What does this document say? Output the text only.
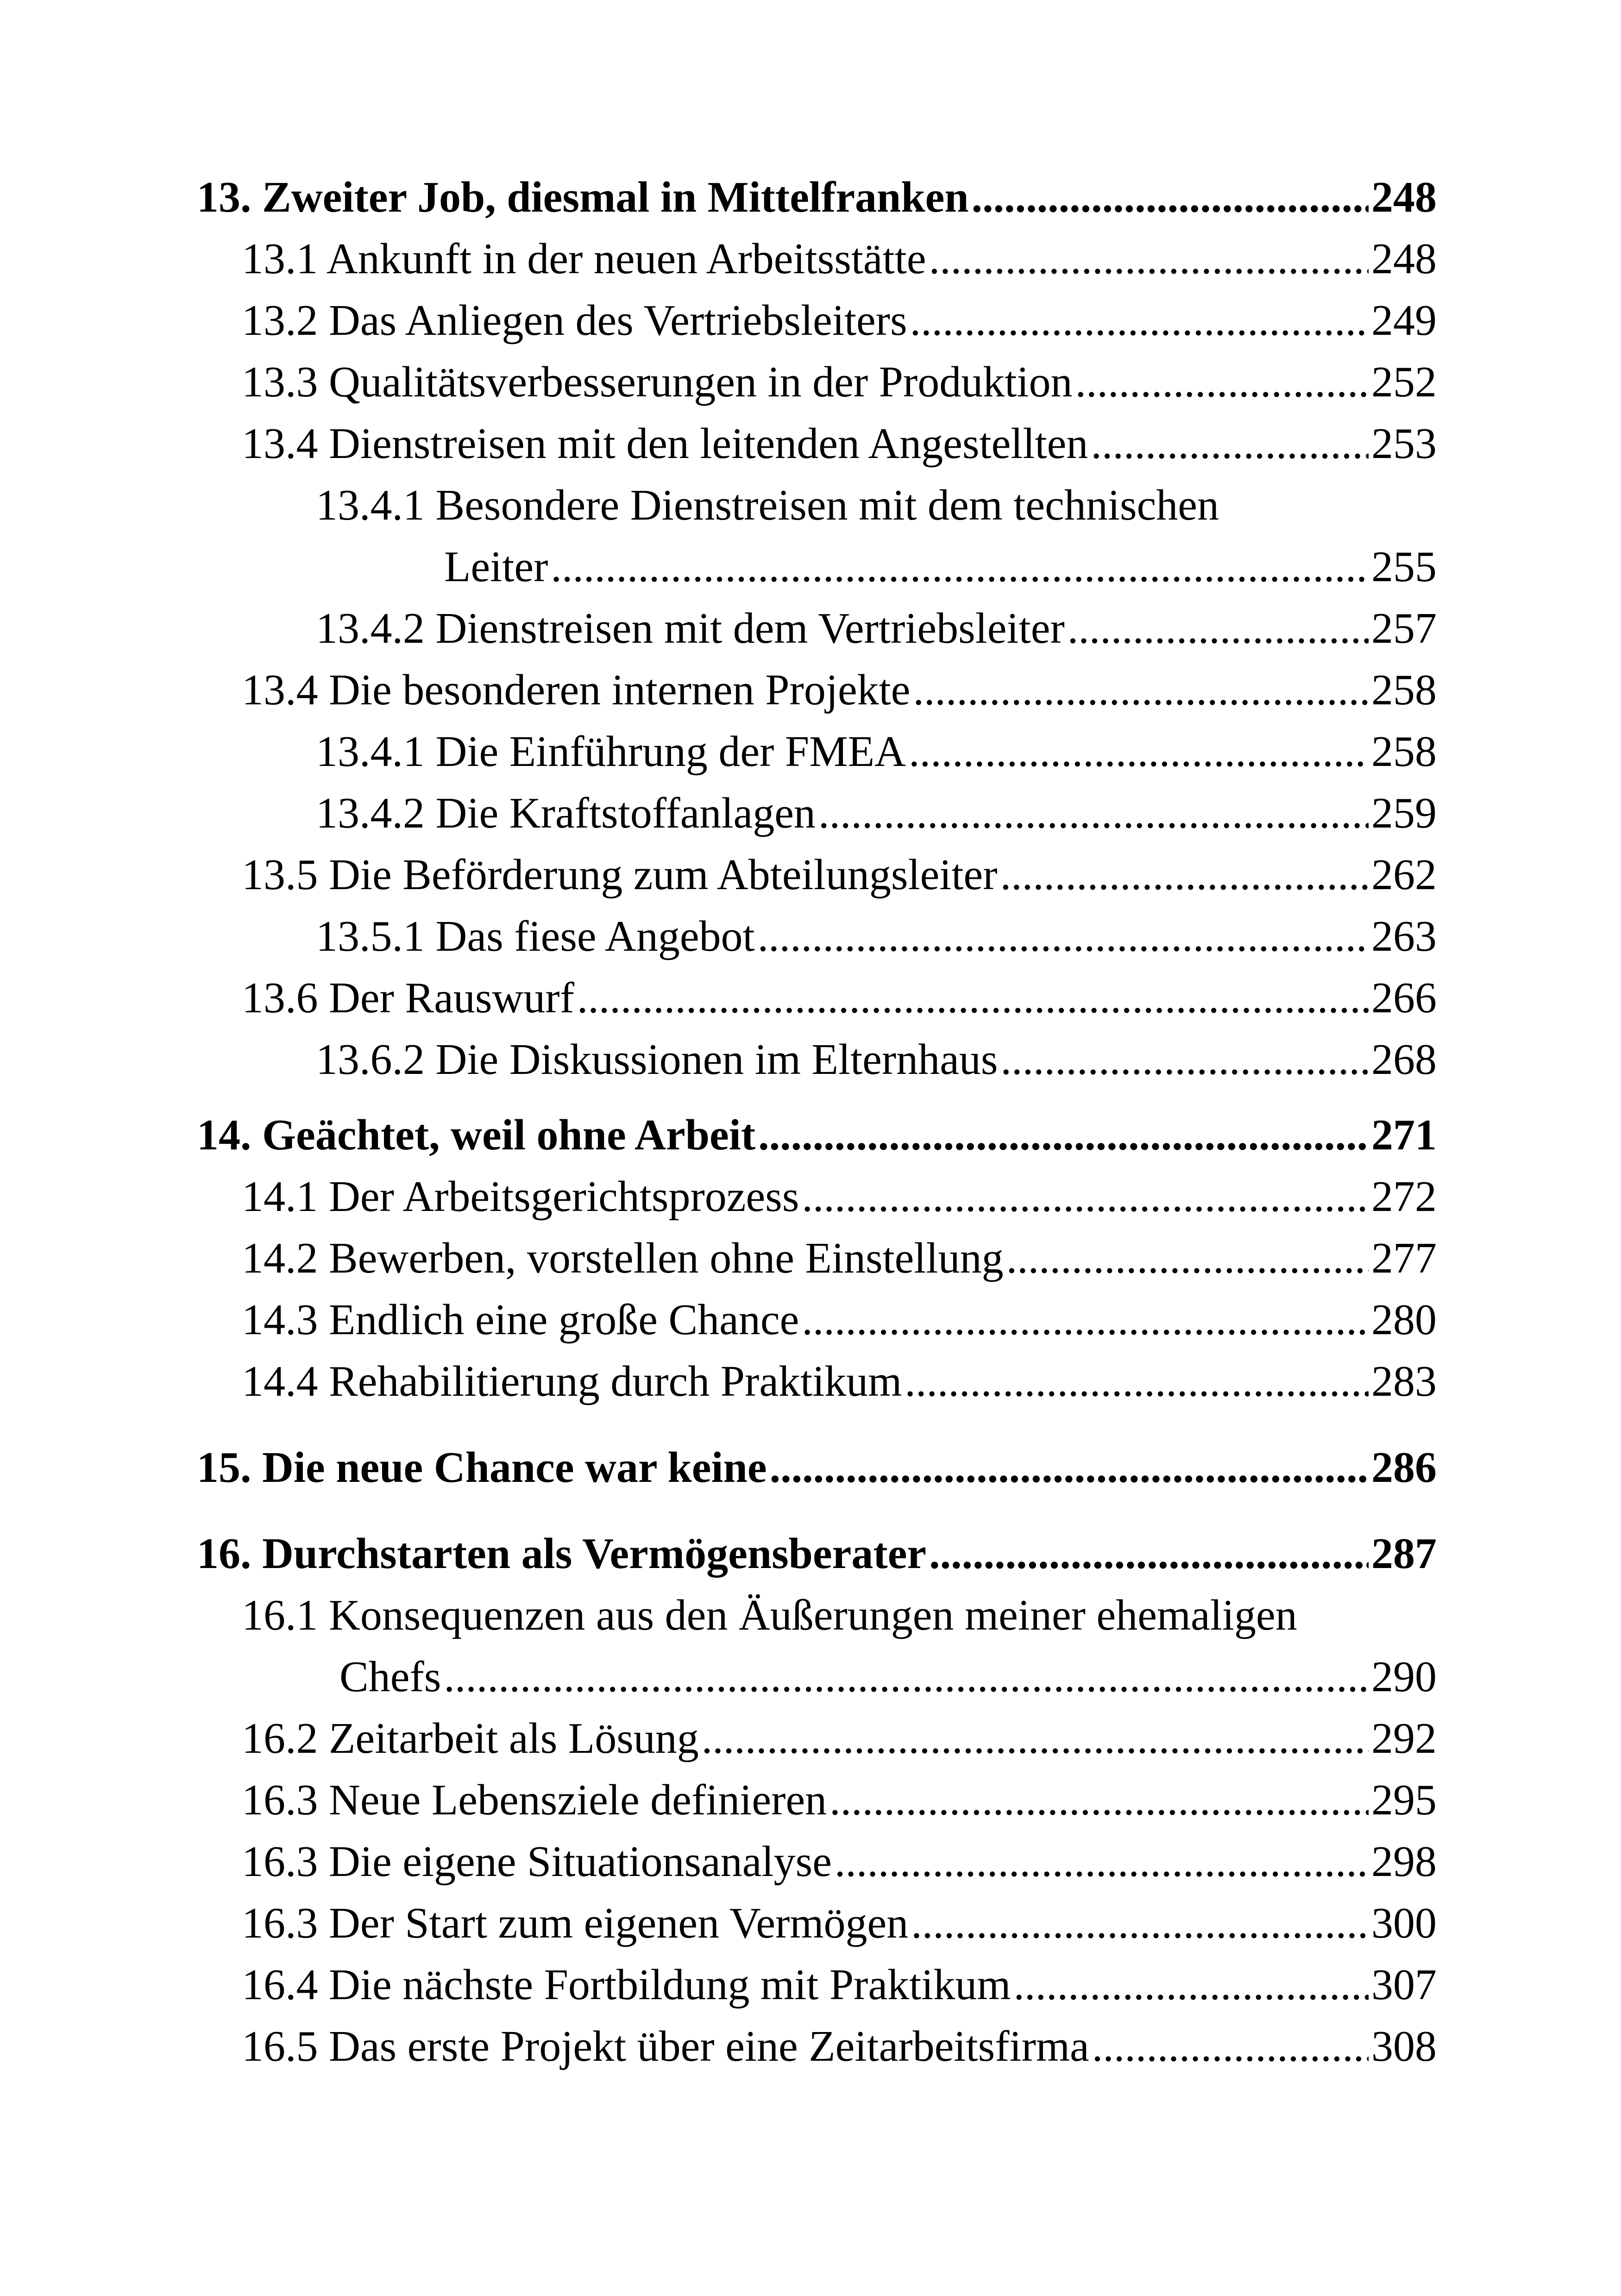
13. Zweiter Job, diesmal in Mittelfranken .....	248
13.1 Ankunft in der neuen Arbeitsstätte .....	248
13.2 Das Anliegen des Vertriebsleiters .....	249
13.3 Qualitätsverbesserungen in der Produktion .....	252
13.4 Dienstreisen mit den leitenden Angestellten .....	253
13.4.1 Besondere Dienstreisen mit dem technischen
Leiter .....	255
13.4.2 Dienstreisen mit dem Vertriebsleiter .....	257
13.4 Die besonderen internen Projekte .....	258
13.4.1 Die Einführung der FMEA .....	258
13.4.2 Die Kraftstoffanlagen .....	259
13.5 Die Beförderung zum Abteilungsleiter .....	262
13.5.1 Das fiese Angebot .....	263
13.6 Der Rauswurf .....	266
13.6.2 Die Diskussionen im Elternhaus .....	268
14. Geächtet, weil ohne Arbeit .....	271
14.1 Der Arbeitsgerichtsprozess .....	272
14.2 Bewerben, vorstellen ohne Einstellung .....	277
14.3 Endlich eine große Chance .....	280
14.4 Rehabilitierung durch Praktikum .....	283
15. Die neue Chance war keine .....	286
16. Durchstarten als Vermögensberater .....	287
16.1 Konsequenzen aus den Äußerungen meiner ehemaligen
Chefs .....	290
16.2 Zeitarbeit als Lösung .....	292
16.3 Neue Lebensziele definieren .....	295
16.3 Die eigene Situationsanalyse .....	298
16.3 Der Start zum eigenen Vermögen .....	300
16.4 Die nächste Fortbildung mit Praktikum .....	307
16.5 Das erste Projekt über eine Zeitarbeitsfirma .....	308
